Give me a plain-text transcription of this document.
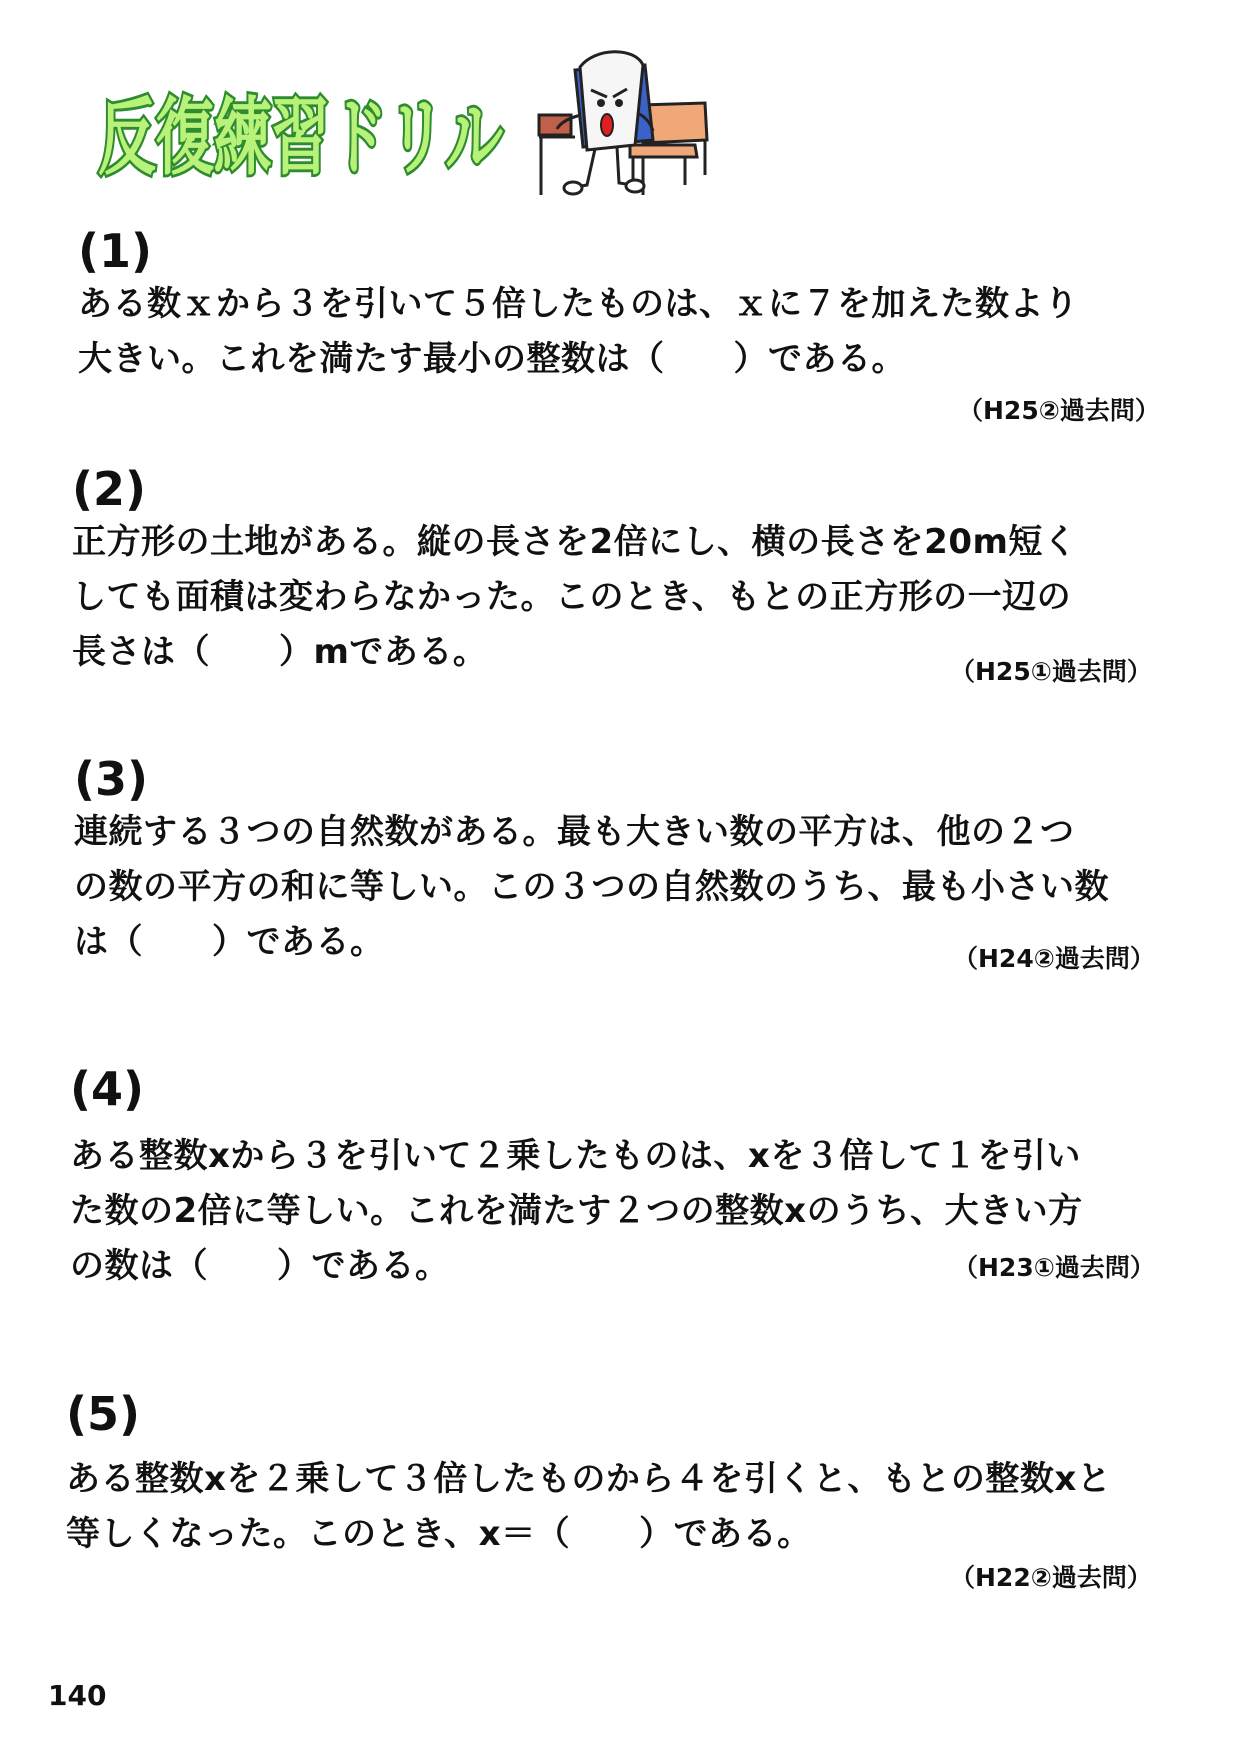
反復練習ドリル
(1)
ある数ｘから３を引いて５倍したものは、ｘに７を加えた数より
大きい。これを満たす最小の整数は（　　）である。
（H25②過去問）
(2)
正方形の土地がある。縦の長さを2倍にし、横の長さを20m短く
しても面積は変わらなかった。このとき、もとの正方形の一辺の
長さは（　　）mである。	（H25①過去問）
(3)
連続する３つの自然数がある。最も大きい数の平方は、他の２つ
の数の平方の和に等しい。この３つの自然数のうち、最も小さい数
は（　　）である。	（H24②過去問）
(4)
ある整数xから３を引いて２乗したものは、xを３倍して１を引い
た数の2倍に等しい。これを満たす２つの整数xのうち、大きい方
の数は（　　）である。	（H23①過去問）
(5)
ある整数xを２乗して３倍したものから４を引くと、もとの整数xと
等しくなった。このとき、x＝（　　）である。
（H22②過去問）
140
